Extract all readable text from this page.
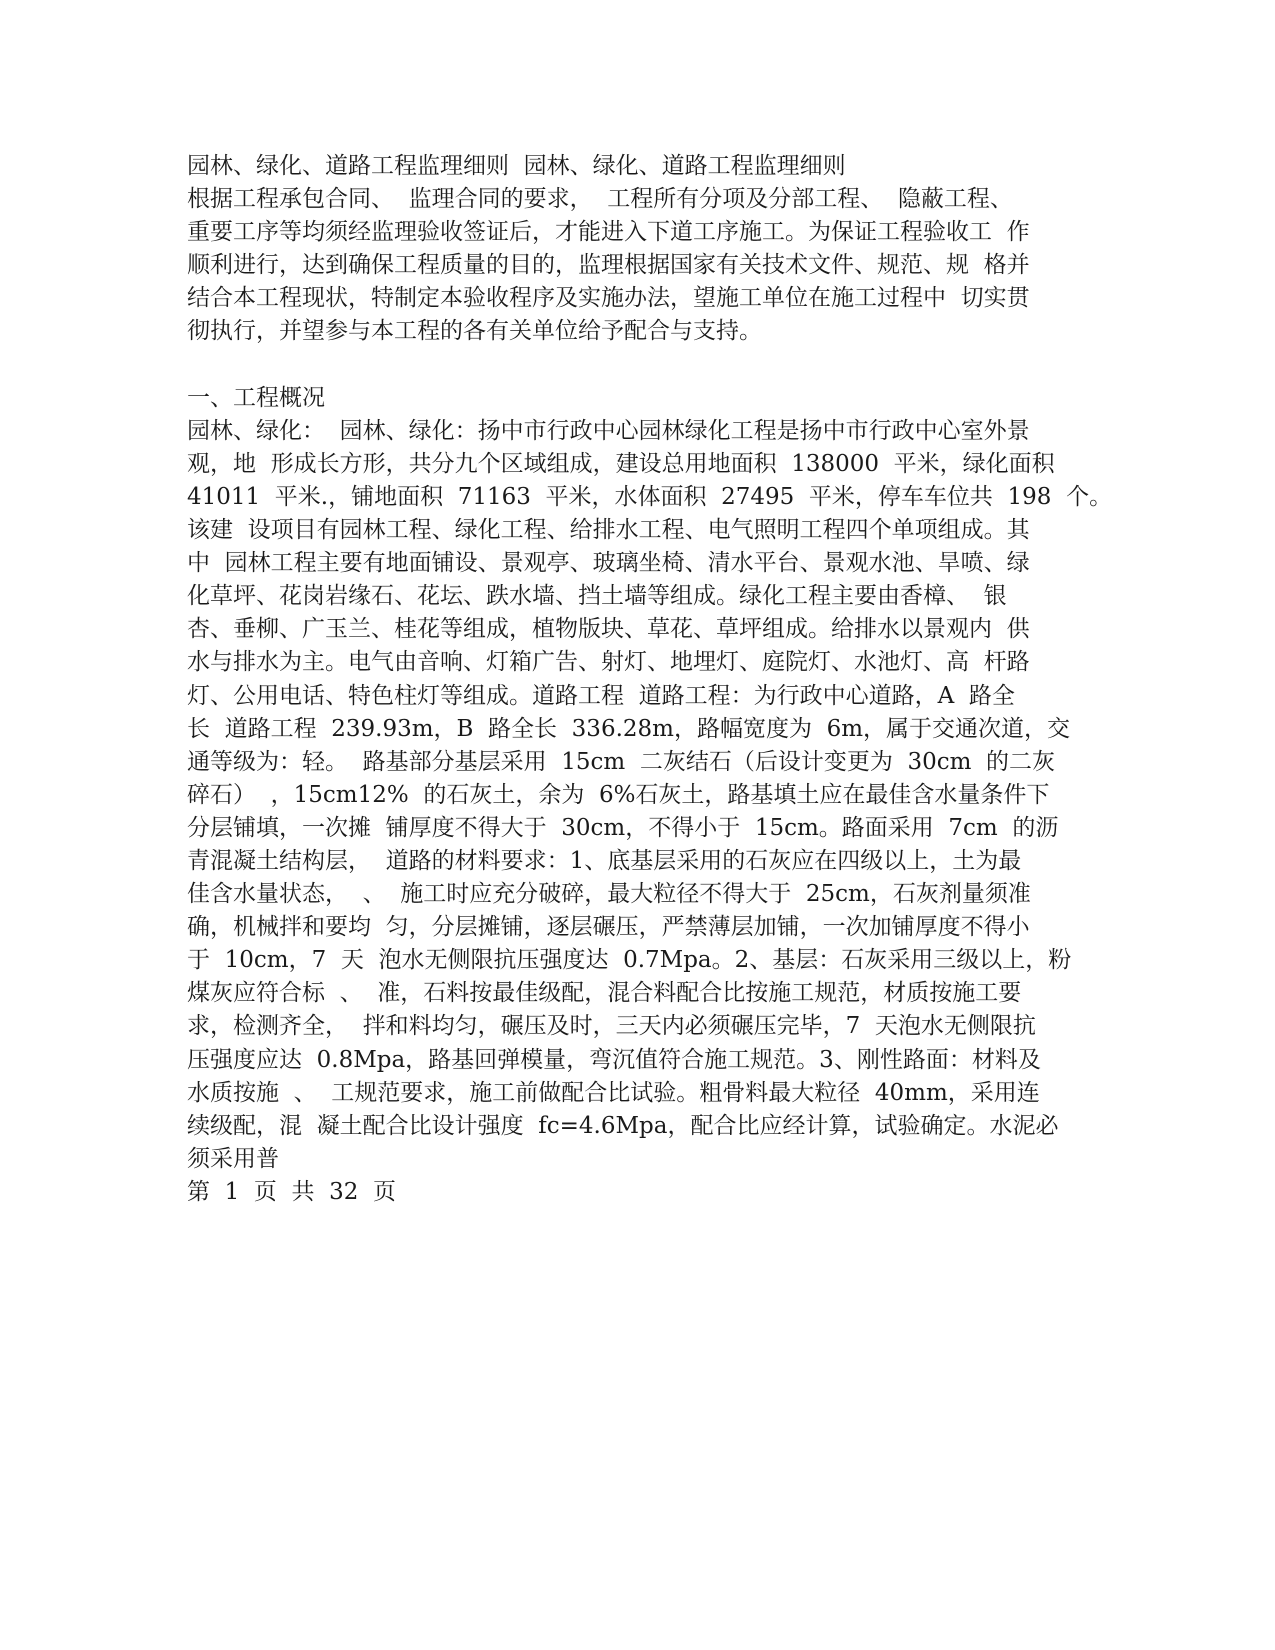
园林、绿化、道路工程监理细则  园林、绿化、道路工程监理细则
根据工程承包合同、  监理合同的要求，  工程所有分项及分部工程、  隐蔽工程、
重要工序等均须经监理验收签证后，才能进入下道工序施工。为保证工程验收工  作
顺利进行，达到确保工程质量的目的，监理根据国家有关技术文件、规范、规  格并
结合本工程现状，特制定本验收程序及实施办法，望施工单位在施工过程中  切实贯
彻执行，并望参与本工程的各有关单位给予配合与支持。
一、工程概况
园林、绿化：  园林、绿化：扬中市行政中心园林绿化工程是扬中市行政中心室外景
观，地  形成长方形，共分九个区域组成，建设总用地面积  138000  平米，绿化面积
41011  平米.，铺地面积  71163  平米，水体面积  27495  平米，停车车位共  198  个。
该建  设项目有园林工程、绿化工程、给排水工程、电气照明工程四个单项组成。其
中  园林工程主要有地面铺设、景观亭、玻璃坐椅、清水平台、景观水池、旱喷、绿
化草坪、花岗岩缘石、花坛、跌水墙、挡土墙等组成。绿化工程主要由香樟、  银
杏、垂柳、广玉兰、桂花等组成，植物版块、草花、草坪组成。给排水以景观内  供
水与排水为主。电气由音响、灯箱广告、射灯、地埋灯、庭院灯、水池灯、高  杆路
灯、公用电话、特色柱灯等组成。道路工程  道路工程：为行政中心道路，A  路全
长  道路工程  239.93m，B  路全长  336.28m，路幅宽度为  6m，属于交通次道，交
通等级为：轻。  路基部分基层采用  15cm  二灰结石（后设计变更为  30cm  的二灰
碎石）  ，15cm12%  的石灰土，余为  6%石灰土，路基填土应在最佳含水量条件下
分层铺填，一次摊  铺厚度不得大于  30cm，不得小于  15cm。路面采用  7cm  的沥
青混凝土结构层，  道路的材料要求：1、底基层采用的石灰应在四级以上，土为最
佳含水量状态，  、  施工时应充分破碎，最大粒径不得大于  25cm，石灰剂量须准
确，机械拌和要均  匀，分层摊铺，逐层碾压，严禁薄层加铺，一次加铺厚度不得小
于  10cm，7  天  泡水无侧限抗压强度达  0.7Mpa。2、基层：石灰采用三级以上，粉
煤灰应符合标  、  准，石料按最佳级配，混合料配合比按施工规范，材质按施工要
求，检测齐全，  拌和料均匀，碾压及时，三天内必须碾压完毕，7  天泡水无侧限抗
压强度应达  0.8Mpa，路基回弹模量，弯沉值符合施工规范。3、刚性路面：材料及
水质按施  、  工规范要求，施工前做配合比试验。粗骨料最大粒径  40mm，采用连
续级配，混  凝土配合比设计强度  fc=4.6Mpa，配合比应经计算，试验确定。水泥必
须采用普
第  1  页  共  32  页
